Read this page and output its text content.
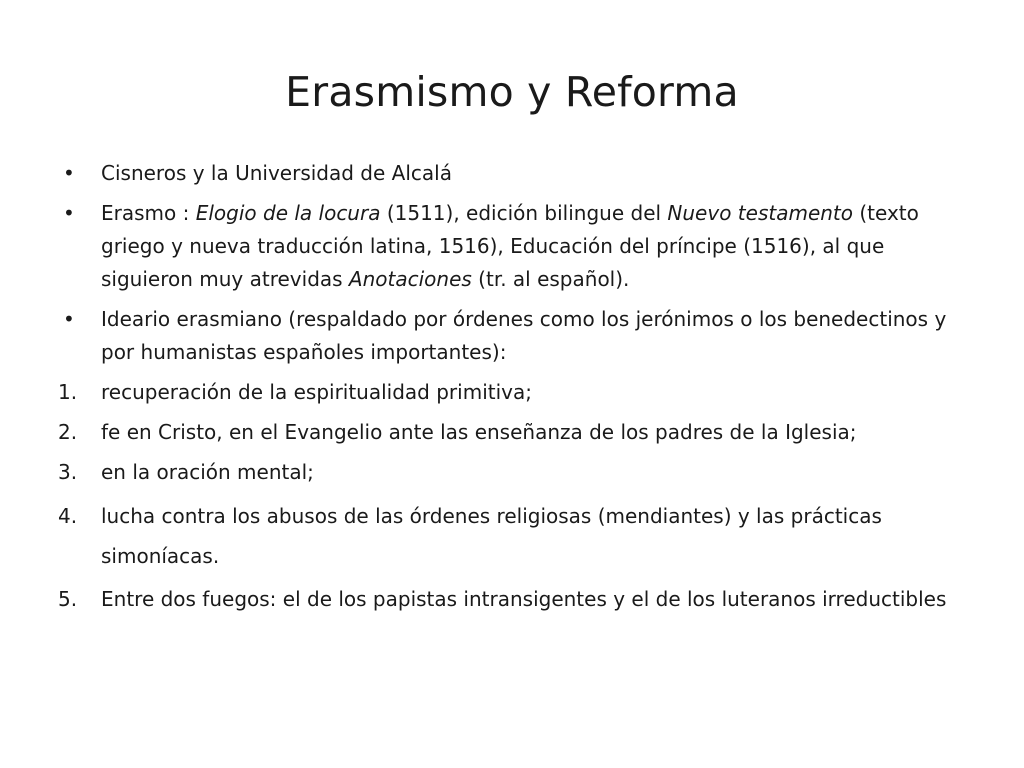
Erasmismo y Reforma
•	Cisneros y la Universidad de Alcalá
•	Erasmo : Elogio de la locura (1511), edición bilingue del Nuevo testamento (texto griego y nueva traducción latina, 1516), Educación del príncipe (1516), al que siguieron muy atrevidas Anotaciones (tr. al español).
•	Ideario erasmiano (respaldado por órdenes como los jerónimos o los benedectinos y por humanistas españoles importantes):
1.	recuperación de la espiritualidad primitiva;
2.	fe en Cristo, en el Evangelio ante las enseñanza de los padres de la Iglesia;
3.	en la oración mental;
4.	lucha contra los abusos de las órdenes religiosas (mendiantes) y las prácticas simoníacas.
5.	Entre dos fuegos: el de los papistas intransigentes y el de los luteranos irreductibles
